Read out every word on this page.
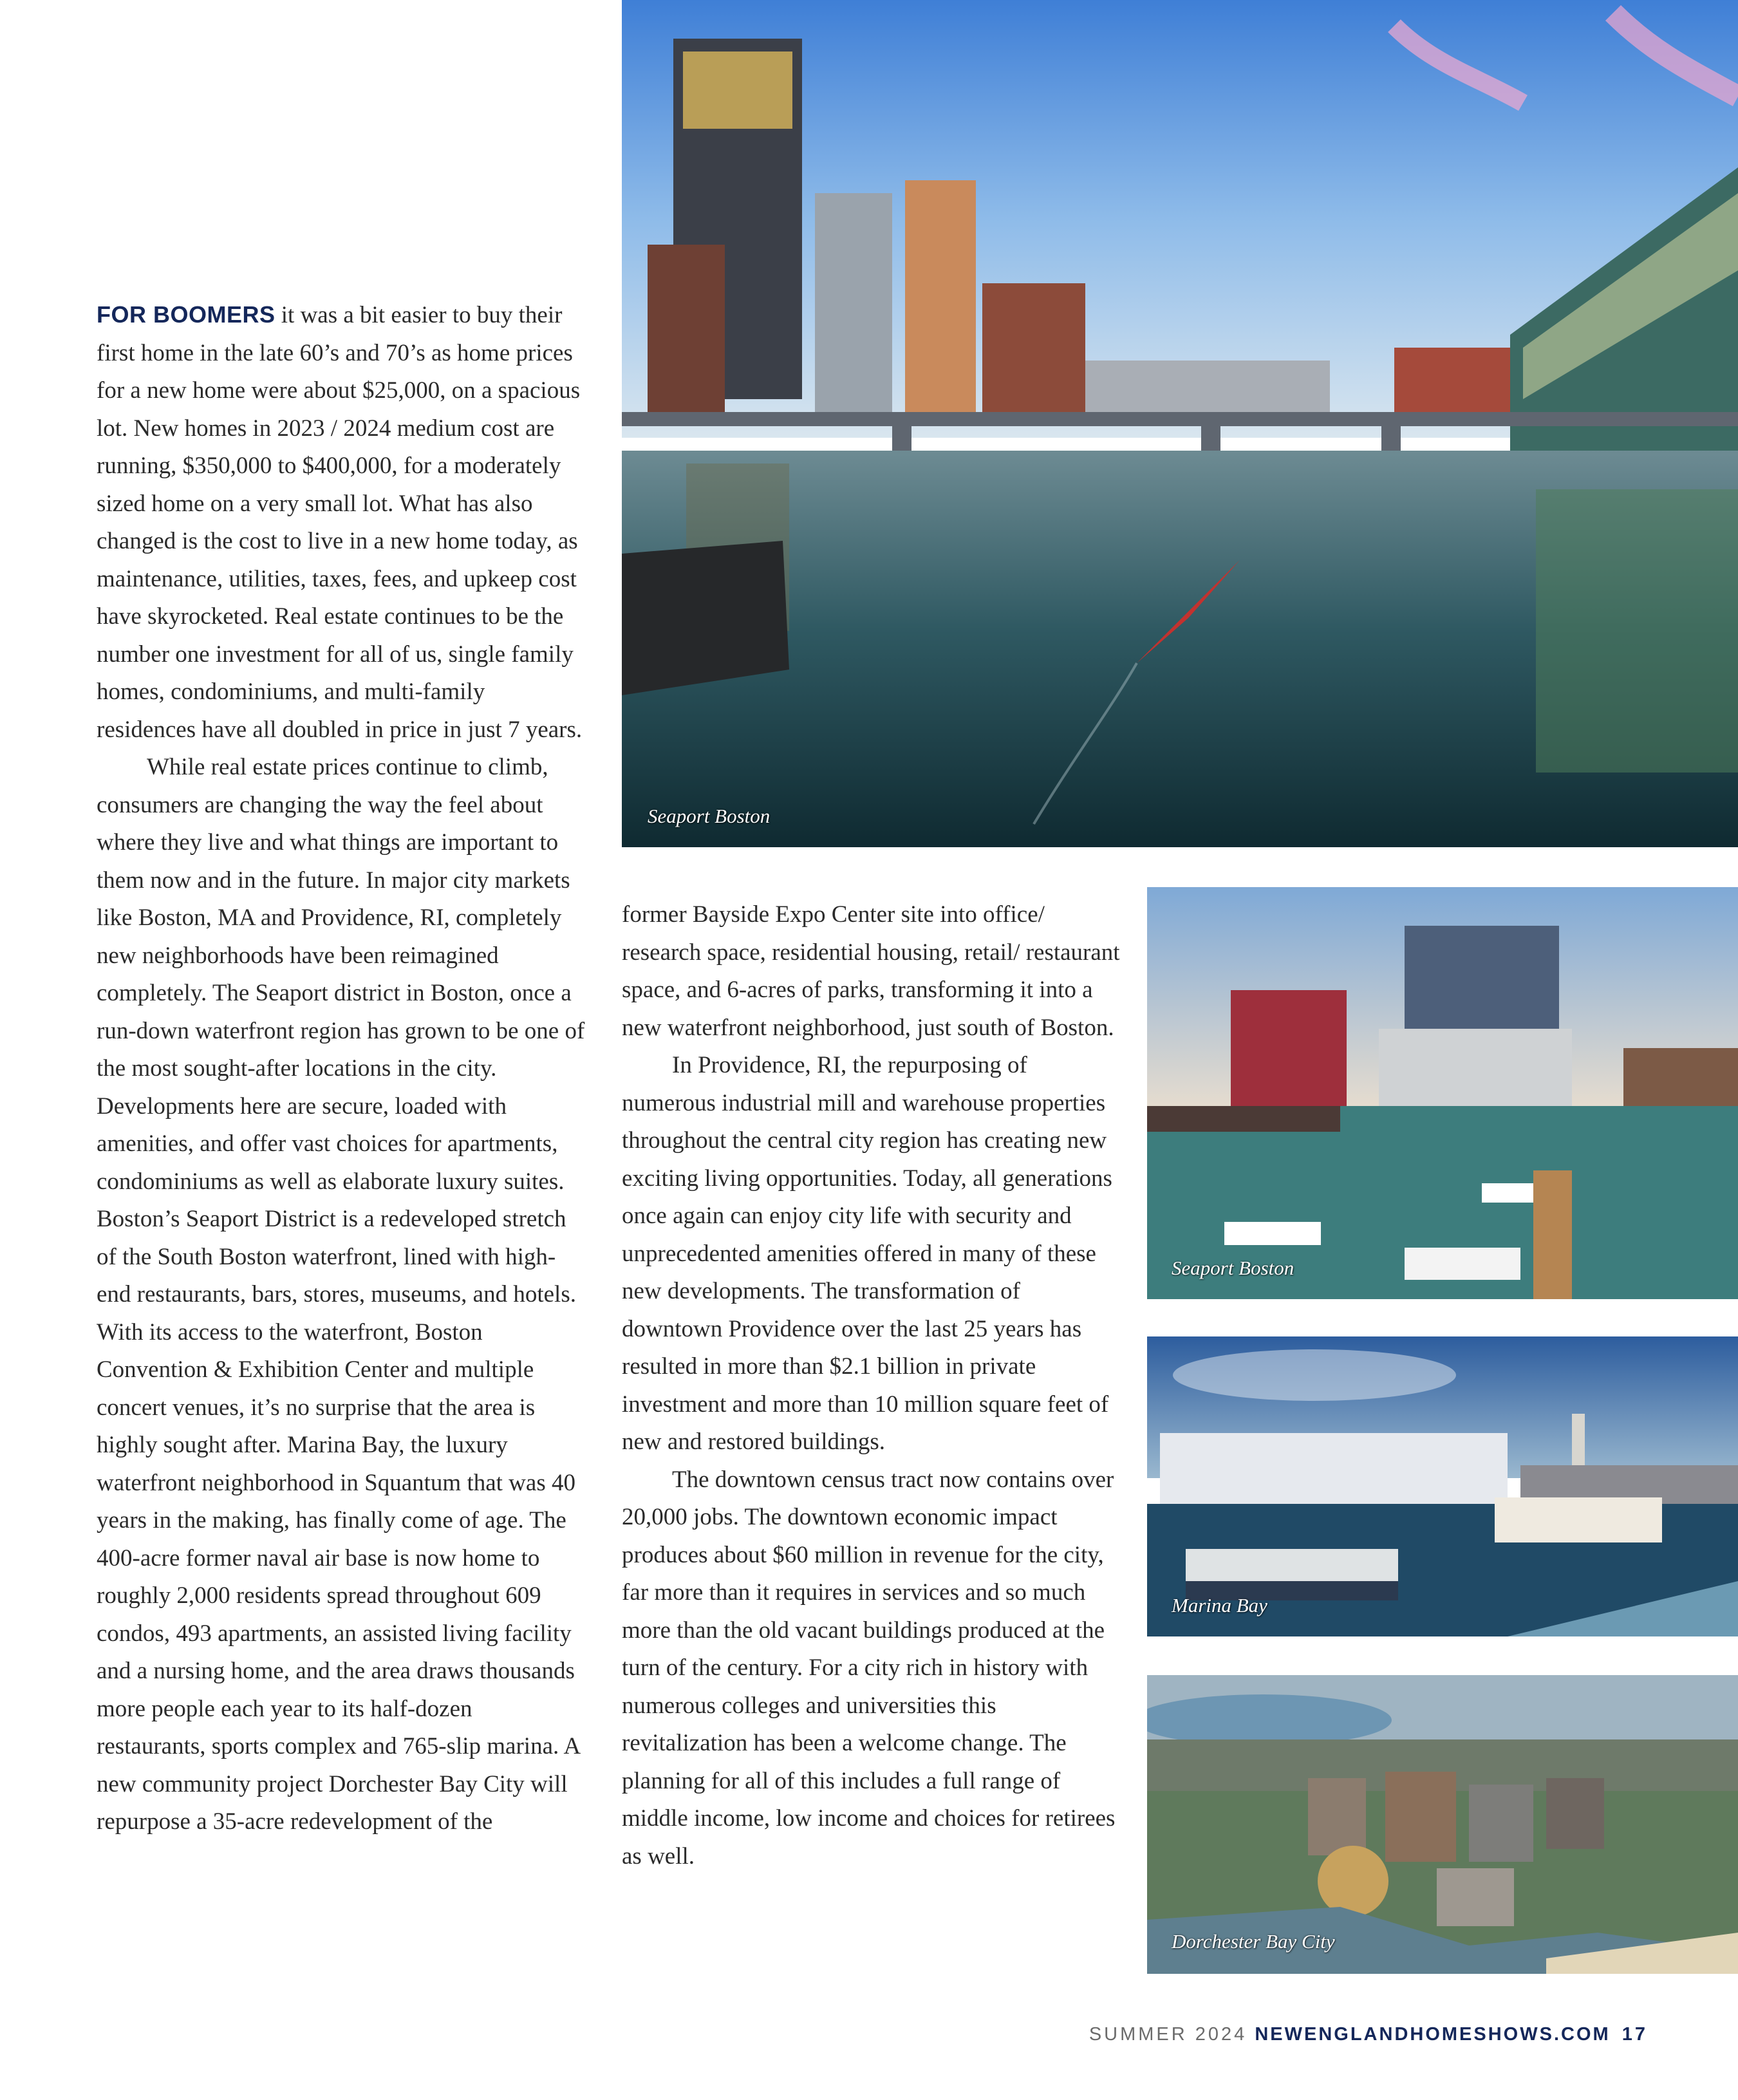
FOR BOOMERS it was a bit easier to buy their first home in the late 60’s and 70’s as home prices for a new home were about $25,000, on a spacious lot. New homes in 2023 / 2024 medium cost are running, $350,000 to $400,000, for a moderately sized home on a very small lot. What has also changed is the cost to live in a new home today, as maintenance, utilities, taxes, fees, and upkeep cost have skyrocketed. Real estate continues to be the number one investment for all of us, single family homes, condominiums, and multi-family residences have all doubled in price in just 7 years.

While real estate prices continue to climb, consumers are changing the way the feel about where they live and what things are important to them now and in the future. In major city markets like Boston, MA and Providence, RI, completely new neighborhoods have been reimagined completely. The Seaport district in Boston, once a run-down waterfront region has grown to be one of the most sought-after locations in the city. Developments here are secure, loaded with amenities, and offer vast choices for apartments, condominiums as well as elaborate luxury suites. Boston’s Seaport District is a redeveloped stretch of the South Boston waterfront, lined with high-end restaurants, bars, stores, museums, and hotels. With its access to the waterfront, Boston Convention & Exhibition Center and multiple concert venues, it’s no surprise that the area is highly sought after. Marina Bay, the luxury waterfront neighborhood in Squantum that was 40 years in the making, has finally come of age. The 400-acre former naval air base is now home to roughly 2,000 residents spread throughout 609 condos, 493 apartments, an assisted living facility and a nursing home, and the area draws thousands more people each year to its half-dozen restaurants, sports complex and 765-slip marina. A new community project Dorchester Bay City will repurpose a 35-acre redevelopment of the

former Bayside Expo Center site into office/ research space, residential housing, retail/ restaurant space, and 6-acres of parks, transforming it into a new waterfront neighborhood, just south of Boston.

In Providence, RI, the repurposing of numerous industrial mill and warehouse properties throughout the central city region has creating new exciting living opportunities. Today, all generations once again can enjoy city life with security and unprecedented amenities offered in many of these new developments. The transformation of downtown Providence over the last 25 years has resulted in more than $2.1 billion in private investment and more than 10 million square feet of new and restored buildings.

The downtown census tract now contains over 20,000 jobs. The downtown economic impact produces about $60 million in revenue for the city, far more than it requires in services and so much more than the old vacant buildings produced at the turn of the century. For a city rich in history with numerous colleges and universities this revitalization has been a welcome change. The planning for all of this includes a full range of middle income, low income and choices for retirees as well.

Seaport Boston
Seaport Boston
Marina Bay
Dorchester Bay City
SUMMER 2024 NEWENGLANDHOMESHOWS.COM 17
